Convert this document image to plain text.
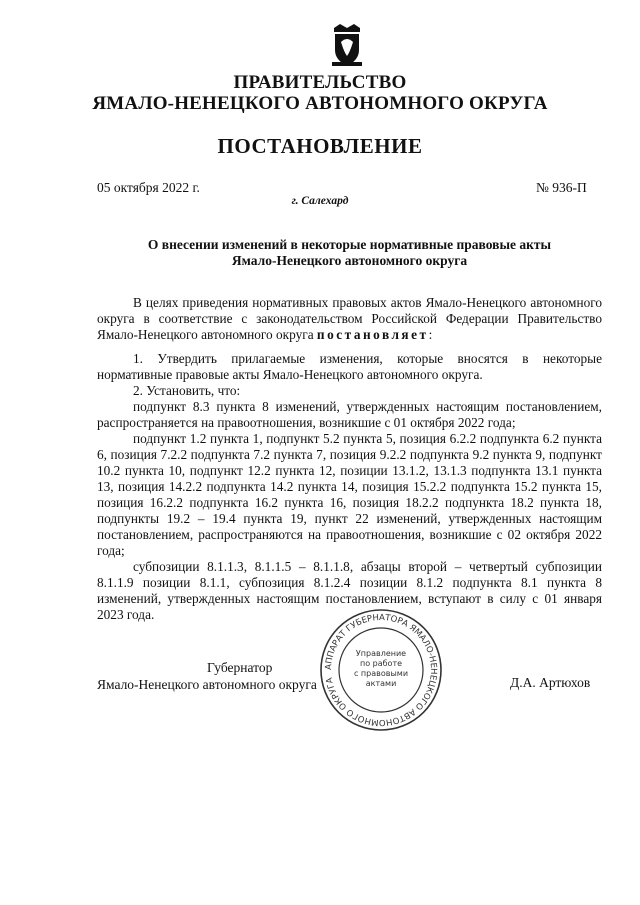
ПРАВИТЕЛЬСТВО
ЯМАЛО-НЕНЕЦКОГО АВТОНОМНОГО ОКРУГА
ПОСТАНОВЛЕНИЕ
05 октября 2022 г.	№ 936-П
г. Салехард
О внесении изменений в некоторые нормативные правовые акты
Ямало-Ненецкого автономного округа

В целях приведения нормативных правовых актов Ямало-Ненецкого автономного округа в соответствие с законодательством Российской Федерации Правительство Ямало-Ненецкого автономного округа постановляет:

1. Утвердить прилагаемые изменения, которые вносятся в некоторые нормативные правовые акты Ямало-Ненецкого автономного округа.

2. Установить, что:

подпункт 8.3 пункта 8 изменений, утвержденных настоящим постановлением, распространяется на правоотношения, возникшие с 01 октября 2022 года;

подпункт 1.2 пункта 1, подпункт 5.2 пункта 5, позиция 6.2.2 подпункта 6.2 пункта 6, позиция 7.2.2 подпункта 7.2 пункта 7, позиция 9.2.2 подпункта 9.2 пункта 9, подпункт 10.2 пункта 10, подпункт 12.2 пункта 12, позиции 13.1.2, 13.1.3 подпункта 13.1 пункта 13, позиция 14.2.2 подпункта 14.2 пункта 14, позиция 15.2.2 подпункта 15.2 пункта 15, позиция 16.2.2 подпункта 16.2 пункта 16, позиция 18.2.2 подпункта 18.2 пункта 18, подпункты 19.2 – 19.4 пункта 19, пункт 22 изменений, утвержденных настоящим постановлением, распространяются на правоотношения, возникшие с 02 октября 2022 года;

субпозиции 8.1.1.3, 8.1.1.5 – 8.1.1.8, абзацы второй – четвертый субпозиции 8.1.1.9 позиции 8.1.1, субпозиция 8.1.2.4 позиции 8.1.2 подпункта 8.1 пункта 8 изменений, утвержденных настоящим постановлением, вступают в силу с 01 января 2023 года.

Губернатор
Ямало-Ненецкого автономного округа	Д.А. Артюхов
АППАРАТ ГУБЕРНАТОРА ЯМАЛО-НЕНЕЦКОГО АВТОНОМНОГО ОКРУГА
Управление
по работе
с правовыми
актами
